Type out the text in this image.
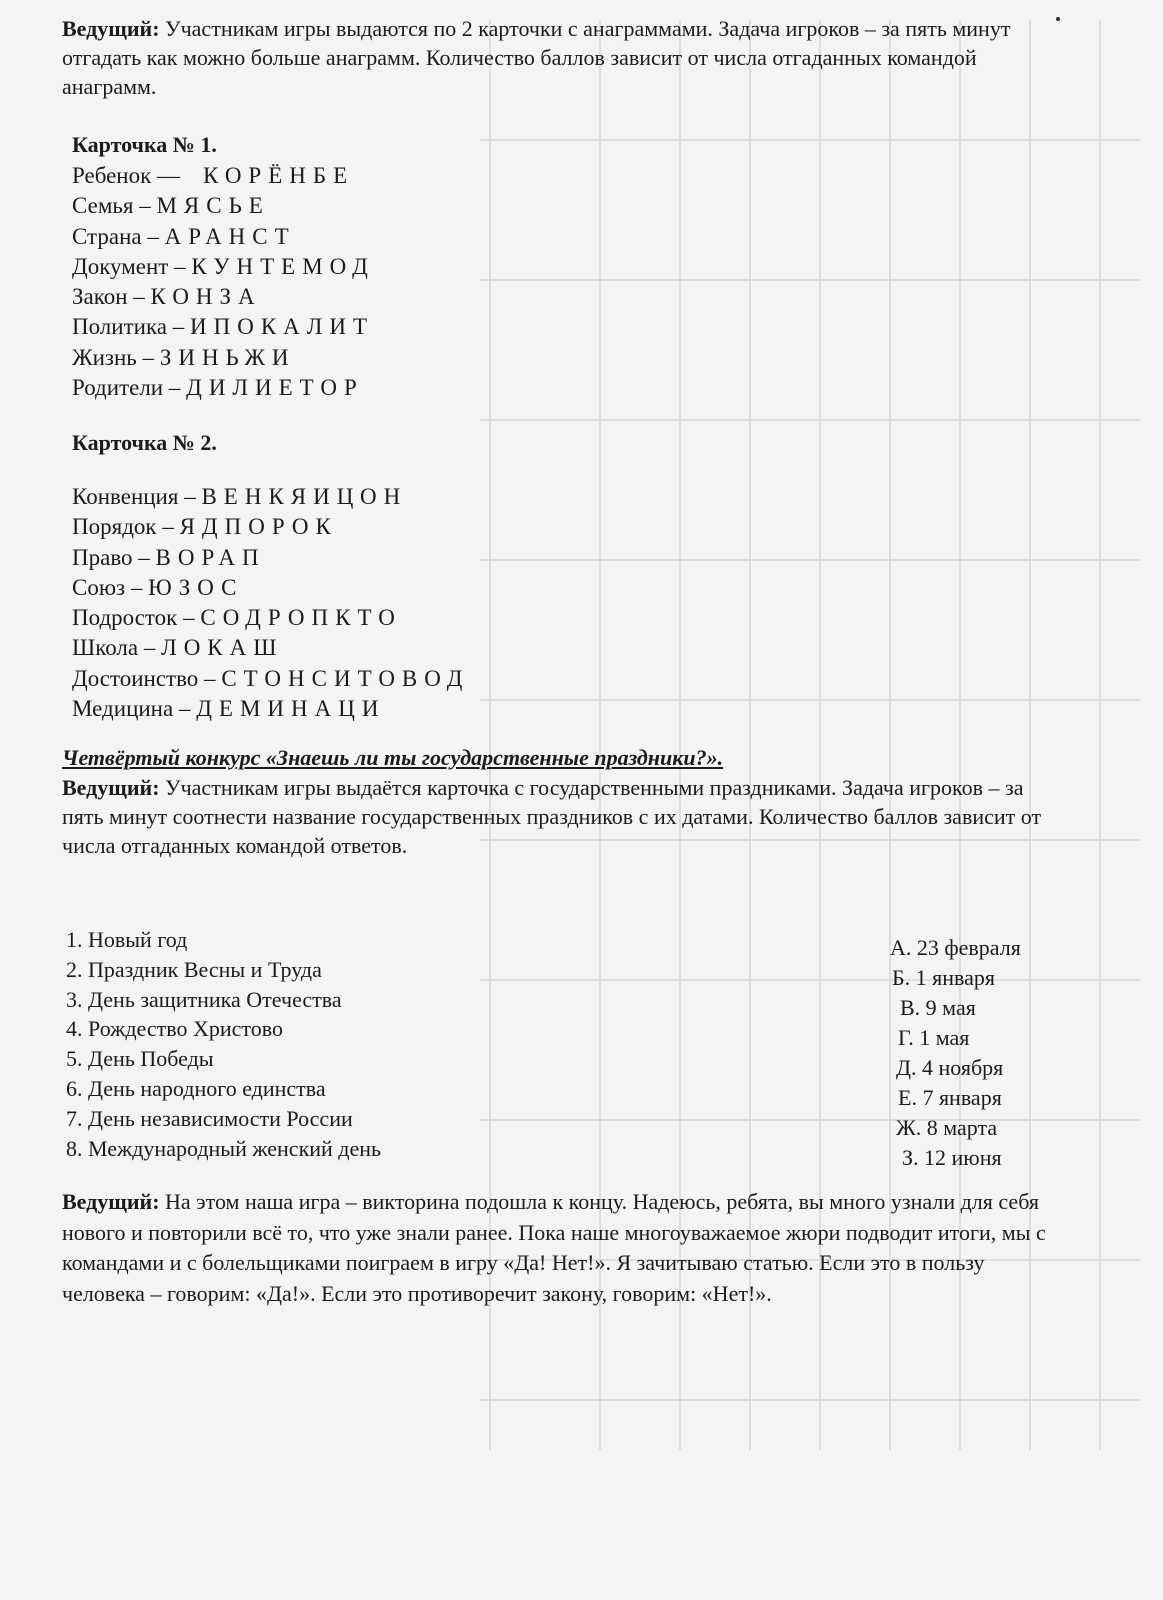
Ведущий: Участникам игры выдаются по 2 карточки с анаграммами. Задача игроков – за пять минут отгадать как можно больше анаграмм. Количество баллов зависит от числа отгаданных командой анаграмм.

Карточка № 1.
Ребенок — КОРЁНБЕ
Семья – МЯСЬЕ
Страна – АРАНСТ
Документ – КУНТЕМОД
Закон – КОНЗА
Политика – ИПОКАЛИТ
Жизнь – ЗИНЬЖИ
Родители – ДИЛИЕТОР
Карточка № 2.
Конвенция – ВЕНКЯИЦОН
Порядок – ЯДПОРОК
Право – ВОРАП
Союз – ЮЗОС
Подросток – СОДРОПКТО
Школа – ЛОКАШ
Достоинство – СТОНСИТОВОД
Медицина – ДЕМИНАЦИ
Четвёртый конкурс «Знаешь ли ты государственные праздники?».

Ведущий: Участникам игры выдаётся карточка с государственными праздниками. Задача игроков – за пять минут соотнести название государственных праздников с их датами. Количество баллов зависит от числа отгаданных командой ответов.

1. Новый год
2. Праздник Весны и Труда
3. День защитника Отечества
4. Рождество Христово
5. День Победы
6. День народного единства
7. День независимости России
8. Международный женский день
А. 23 февраля
Б. 1 января
В. 9 мая
Г. 1 мая
Д. 4 ноября
Е. 7 января
Ж. 8 марта
З. 12 июня

Ведущий: На этом наша игра – викторина подошла к концу. Надеюсь, ребята, вы много узнали для себя нового и повторили всё то, что уже знали ранее. Пока наше многоуважаемое жюри подводит итоги, мы с командами и с болельщиками поиграем в игру «Да! Нет!». Я зачитываю статью. Если это в пользу человека – говорим: «Да!». Если это противоречит закону, говорим: «Нет!».
